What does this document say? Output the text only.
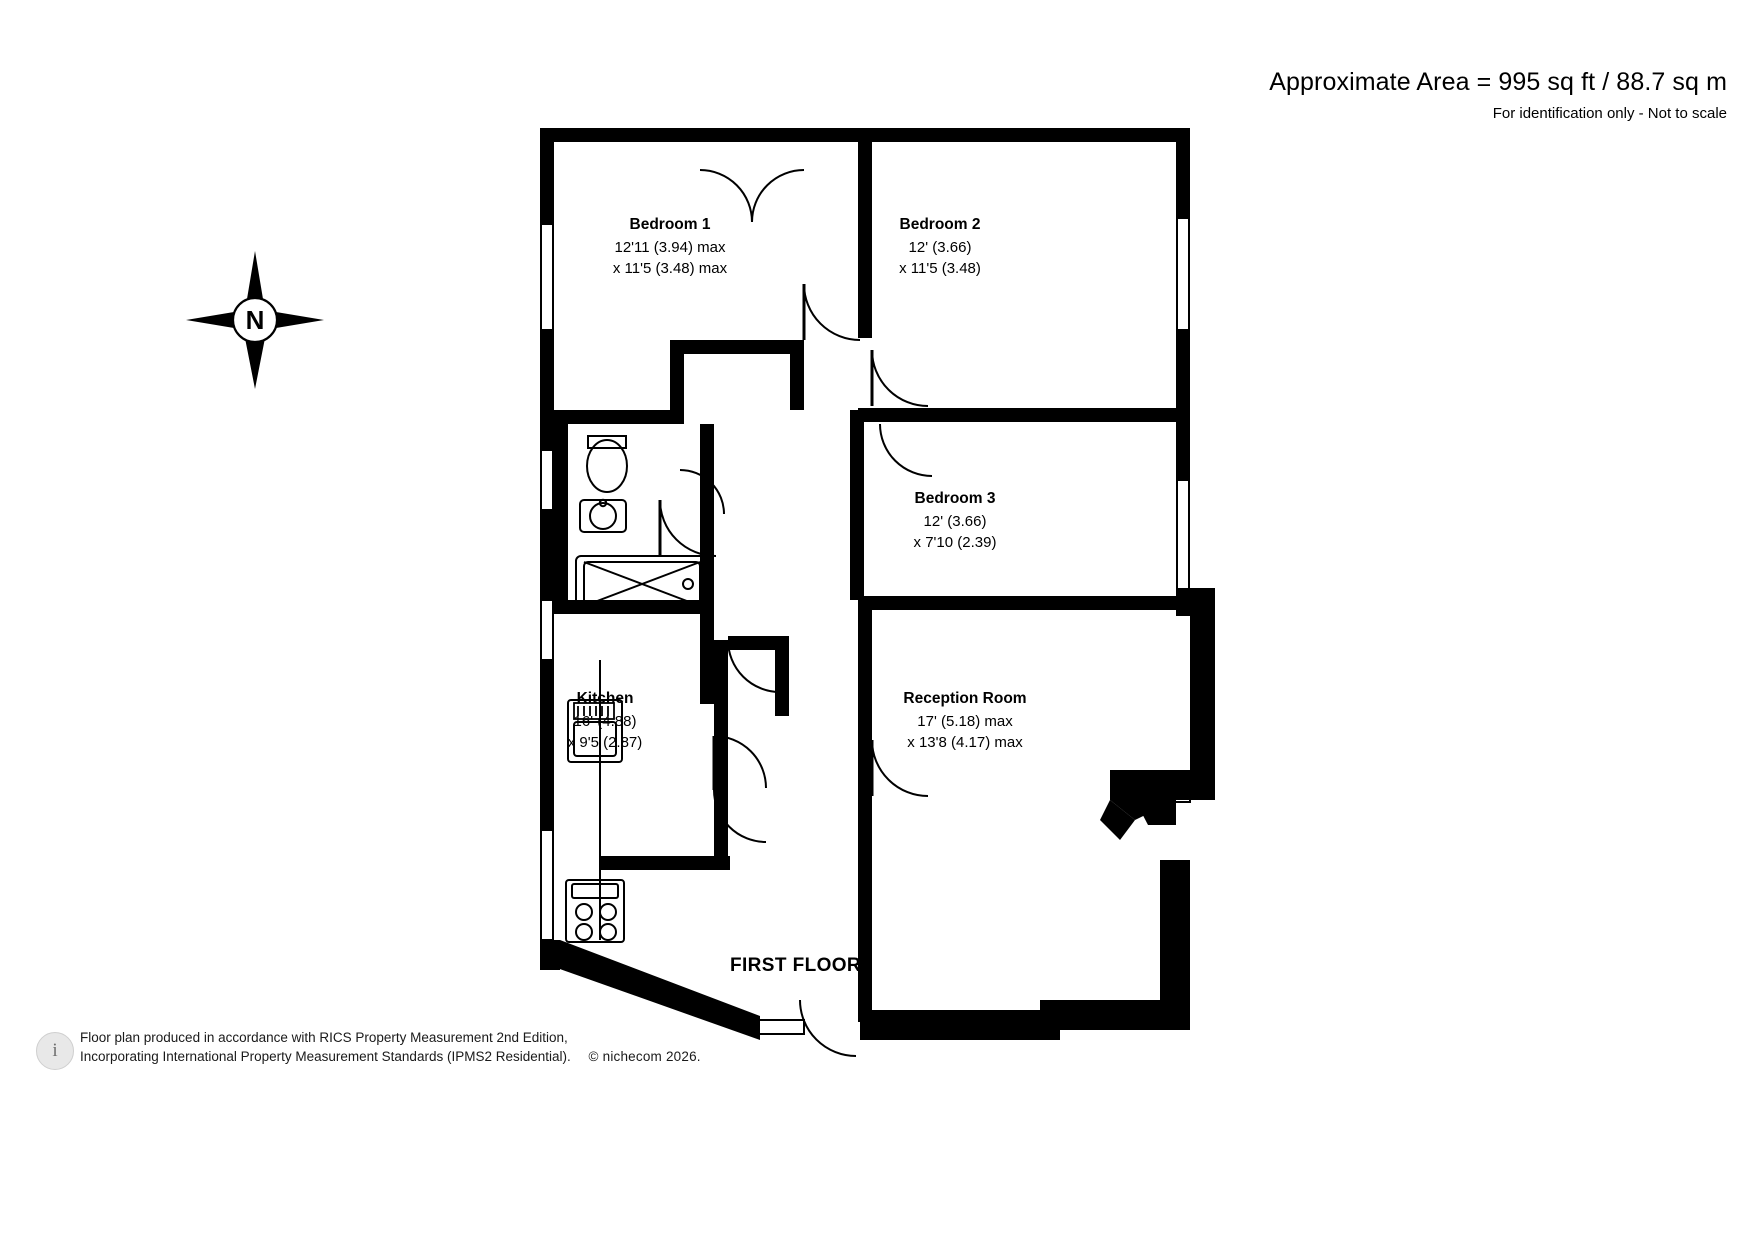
Approximate Area = 995 sq ft / 88.7 sq m
For identification only - Not to scale
N
Bedroom 1
12'11 (3.94) max
x 11'5 (3.48) max
Bedroom 2
12' (3.66)
x 11'5 (3.48)
Bedroom 3
12' (3.66)
x 7'10 (2.39)
Kitchen
16' (4.88)
x 9'5 (2.87)
Reception Room
17' (5.18) max
x 13'8 (4.17) max
FIRST FLOOR
i
Floor plan produced in accordance with RICS Property Measurement 2nd Edition,
Incorporating International Property Measurement Standards (IPMS2 Residential). © nichecom 2026.
